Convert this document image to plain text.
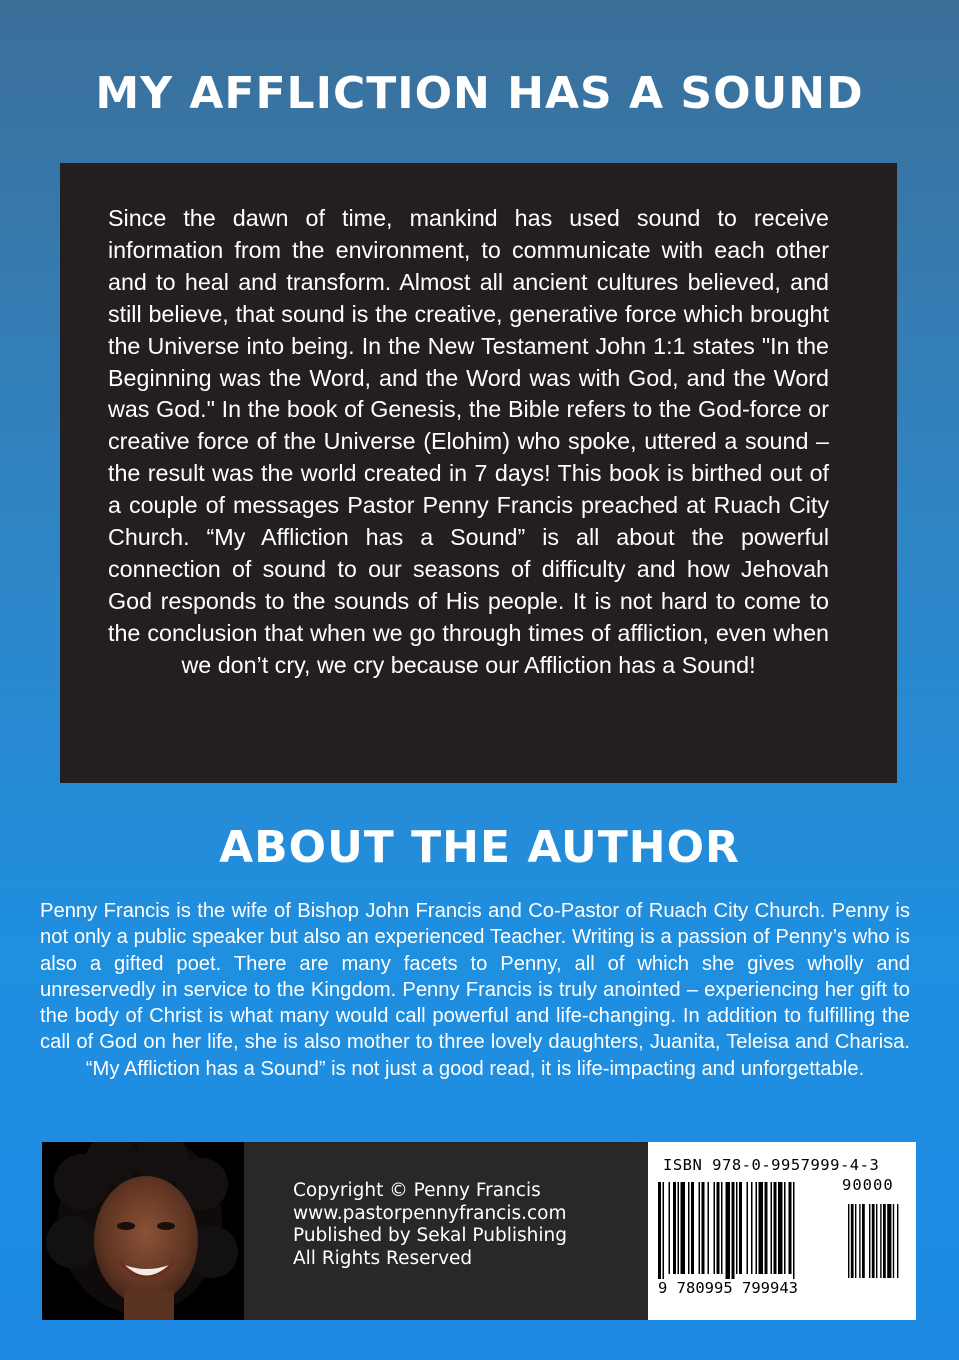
MY AFFLICTION HAS A SOUND

Since the dawn of time, mankind has used sound to receive information from the environment, to communicate with each other and to heal and transform. Almost all ancient cultures believed, and still believe, that sound is the creative, generative force which brought the Universe into being. In the New Testament John 1:1 states "In the Beginning was the Word, and the Word was with God, and the Word was God." In the book of Genesis, the Bible refers to the God-force or creative force of the Universe (Elohim) who spoke, uttered a sound – the result was the world created in 7 days! This book is birthed out of a couple of messages Pastor Penny Francis preached at Ruach City Church. “My Affliction has a Sound” is all about the powerful connection of sound to our seasons of difficulty and how Jehovah God responds to the sounds of His people. It is not hard to come to the conclusion that when we go through times of affliction, even when we don’t cry, we cry because our Affliction has a Sound!

ABOUT THE AUTHOR

Penny Francis is the wife of Bishop John Francis and Co-Pastor of Ruach City Church. Penny is not only a public speaker but also an experienced Teacher. Writing is a passion of Penny’s who is also a gifted poet. There are many facets to Penny, all of which she gives wholly and unreservedly in service to the Kingdom. Penny Francis is truly anointed – experiencing her gift to the body of Christ is what many would call powerful and life-changing. In addition to fulfilling the call of God on her life, she is also mother to three lovely daughters, Juanita, Teleisa and Charisa. “My Affliction has a Sound” is not just a good read, it is life-impacting and unforgettable.

Copyright © Penny Francis
www.pastorpennyfrancis.com
Published by Sekal Publishing
All Rights Reserved
ISBN 978-0-9957999-4-3
90000
9 780995 799943
